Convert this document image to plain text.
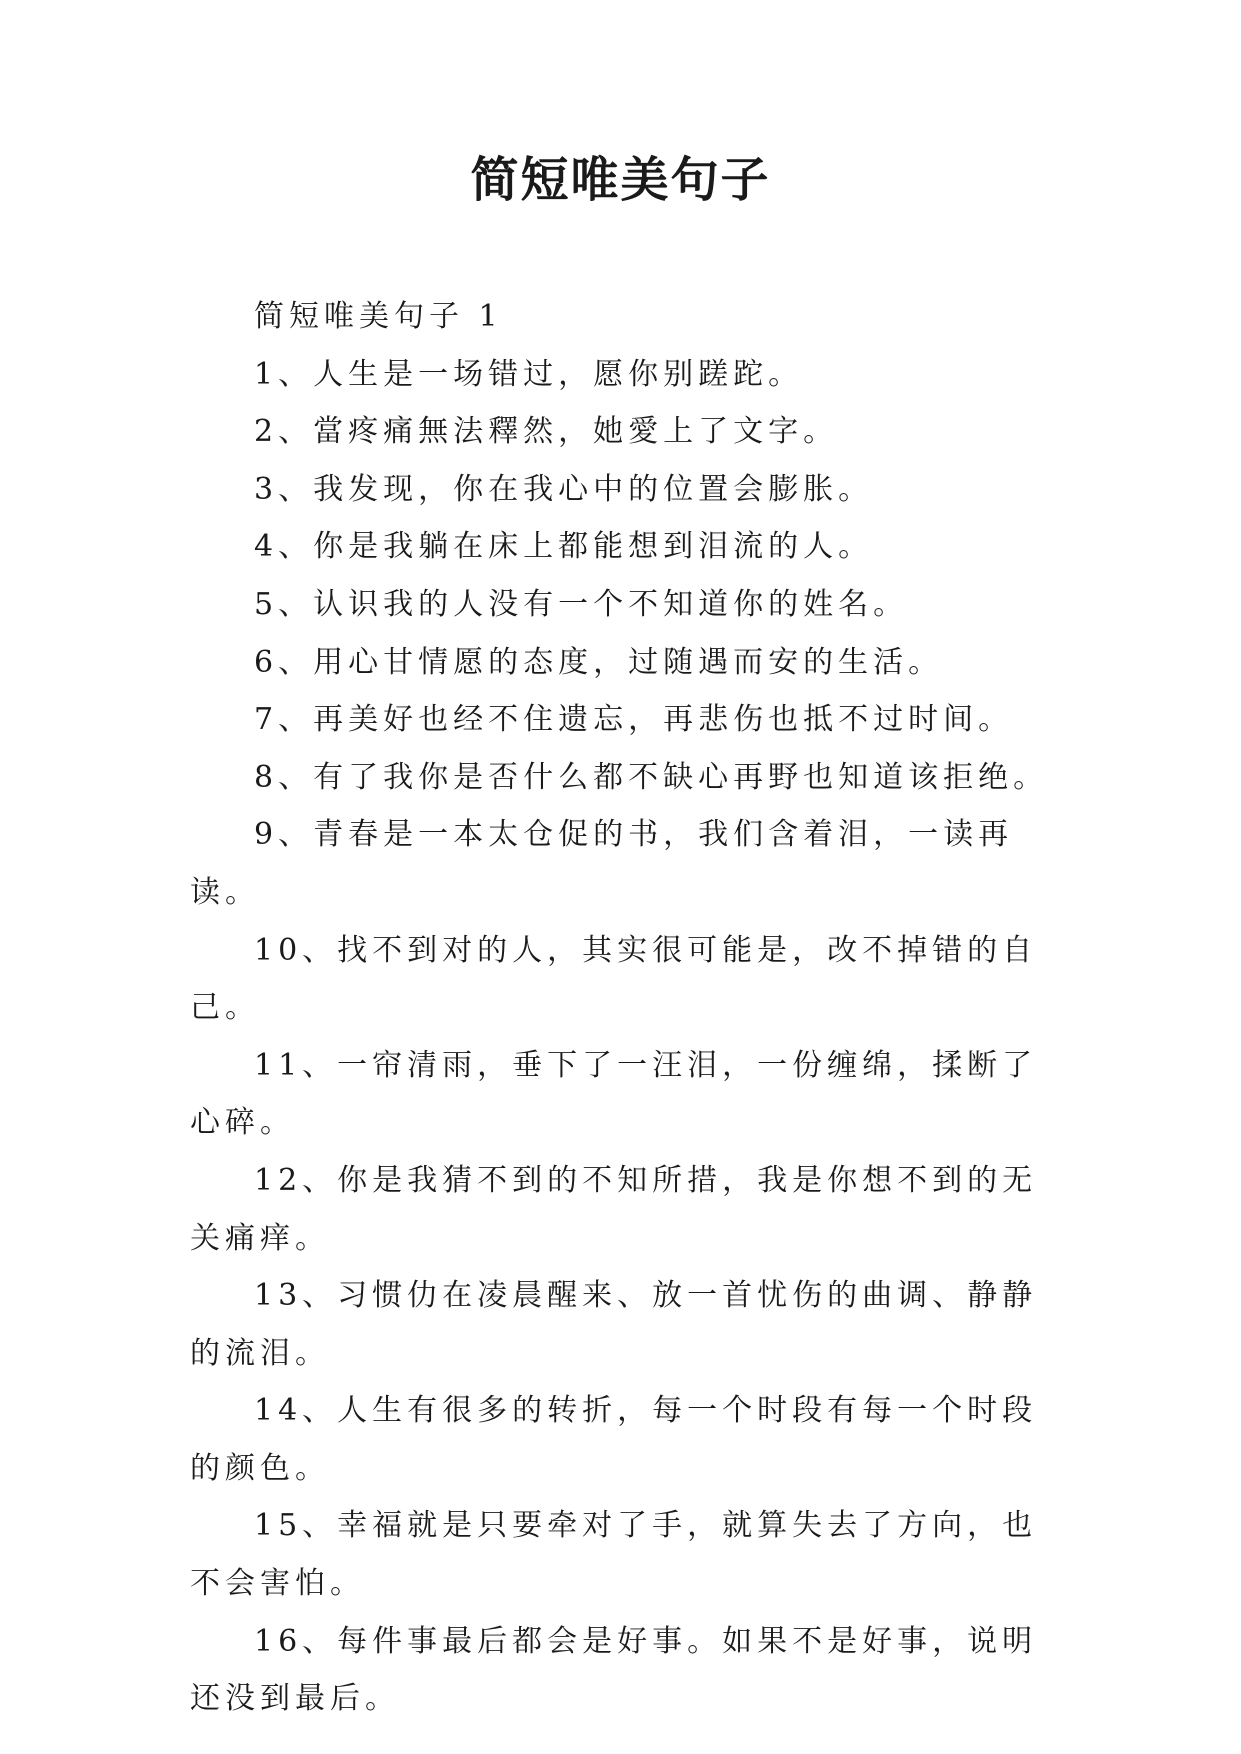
简短唯美句子

简短唯美句子 1

1、人生是一场错过，愿你别蹉跎。

2、當疼痛無法釋然，她愛上了文字。

3、我发现，你在我心中的位置会膨胀。

4、你是我躺在床上都能想到泪流的人。

5、认识我的人没有一个不知道你的姓名。

6、用心甘情愿的态度，过随遇而安的生活。

7、再美好也经不住遗忘，再悲伤也抵不过时间。

8、有了我你是否什么都不缺心再野也知道该拒绝。

9、青春是一本太仓促的书，我们含着泪，一读再读。

10、找不到对的人，其实很可能是，改不掉错的自己。

11、一帘清雨，垂下了一汪泪，一份缠绵，揉断了心碎。

12、你是我猜不到的不知所措，我是你想不到的无关痛痒。

13、习惯仂在凌晨醒来、放一首忧伤的曲调、静静的流泪。

14、人生有很多的转折，每一个时段有每一个时段的颜色。

15、幸福就是只要牵对了手，就算失去了方向，也不会害怕。

16、每件事最后都会是好事。如果不是好事，说明还没到最后。
